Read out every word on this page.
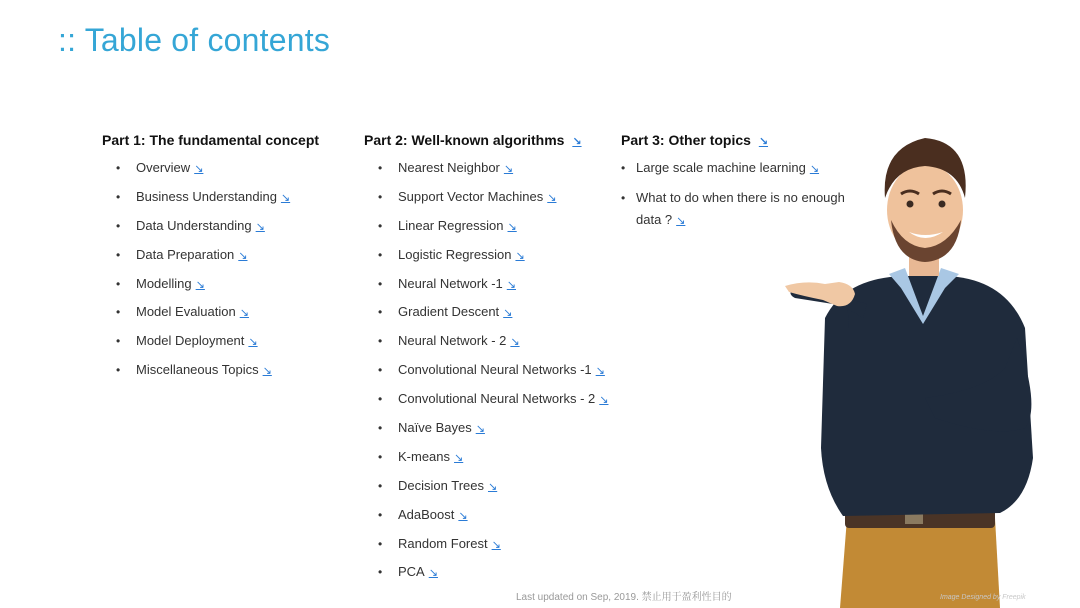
:: Table of contents
Part 1: The fundamental concept
• Overview ↘
• Business Understanding ↘
• Data Understanding ↘
• Data Preparation ↘
• Modelling ↘
• Model Evaluation ↘
• Model Deployment ↘
• Miscellaneous Topics ↘
Part 2: Well-known algorithms ↘
• Nearest Neighbor ↘
• Support Vector Machines ↘
• Linear Regression ↘
• Logistic Regression ↘
• Neural Network -1 ↘
• Gradient Descent ↘
• Neural Network - 2 ↘
• Convolutional Neural Networks -1 ↘
• Convolutional Neural Networks - 2 ↘
• Naïve Bayes ↘
• K-means ↘
• Decision Trees ↘
• AdaBoost ↘
• Random Forest ↘
• PCA ↘
Part 3: Other topics ↘
• Large scale machine learning ↘
• What to do when there is no enough data ? ↘
Last updated on Sep, 2019. 禁止用于盈利性目的	Image Designed by Freepik
